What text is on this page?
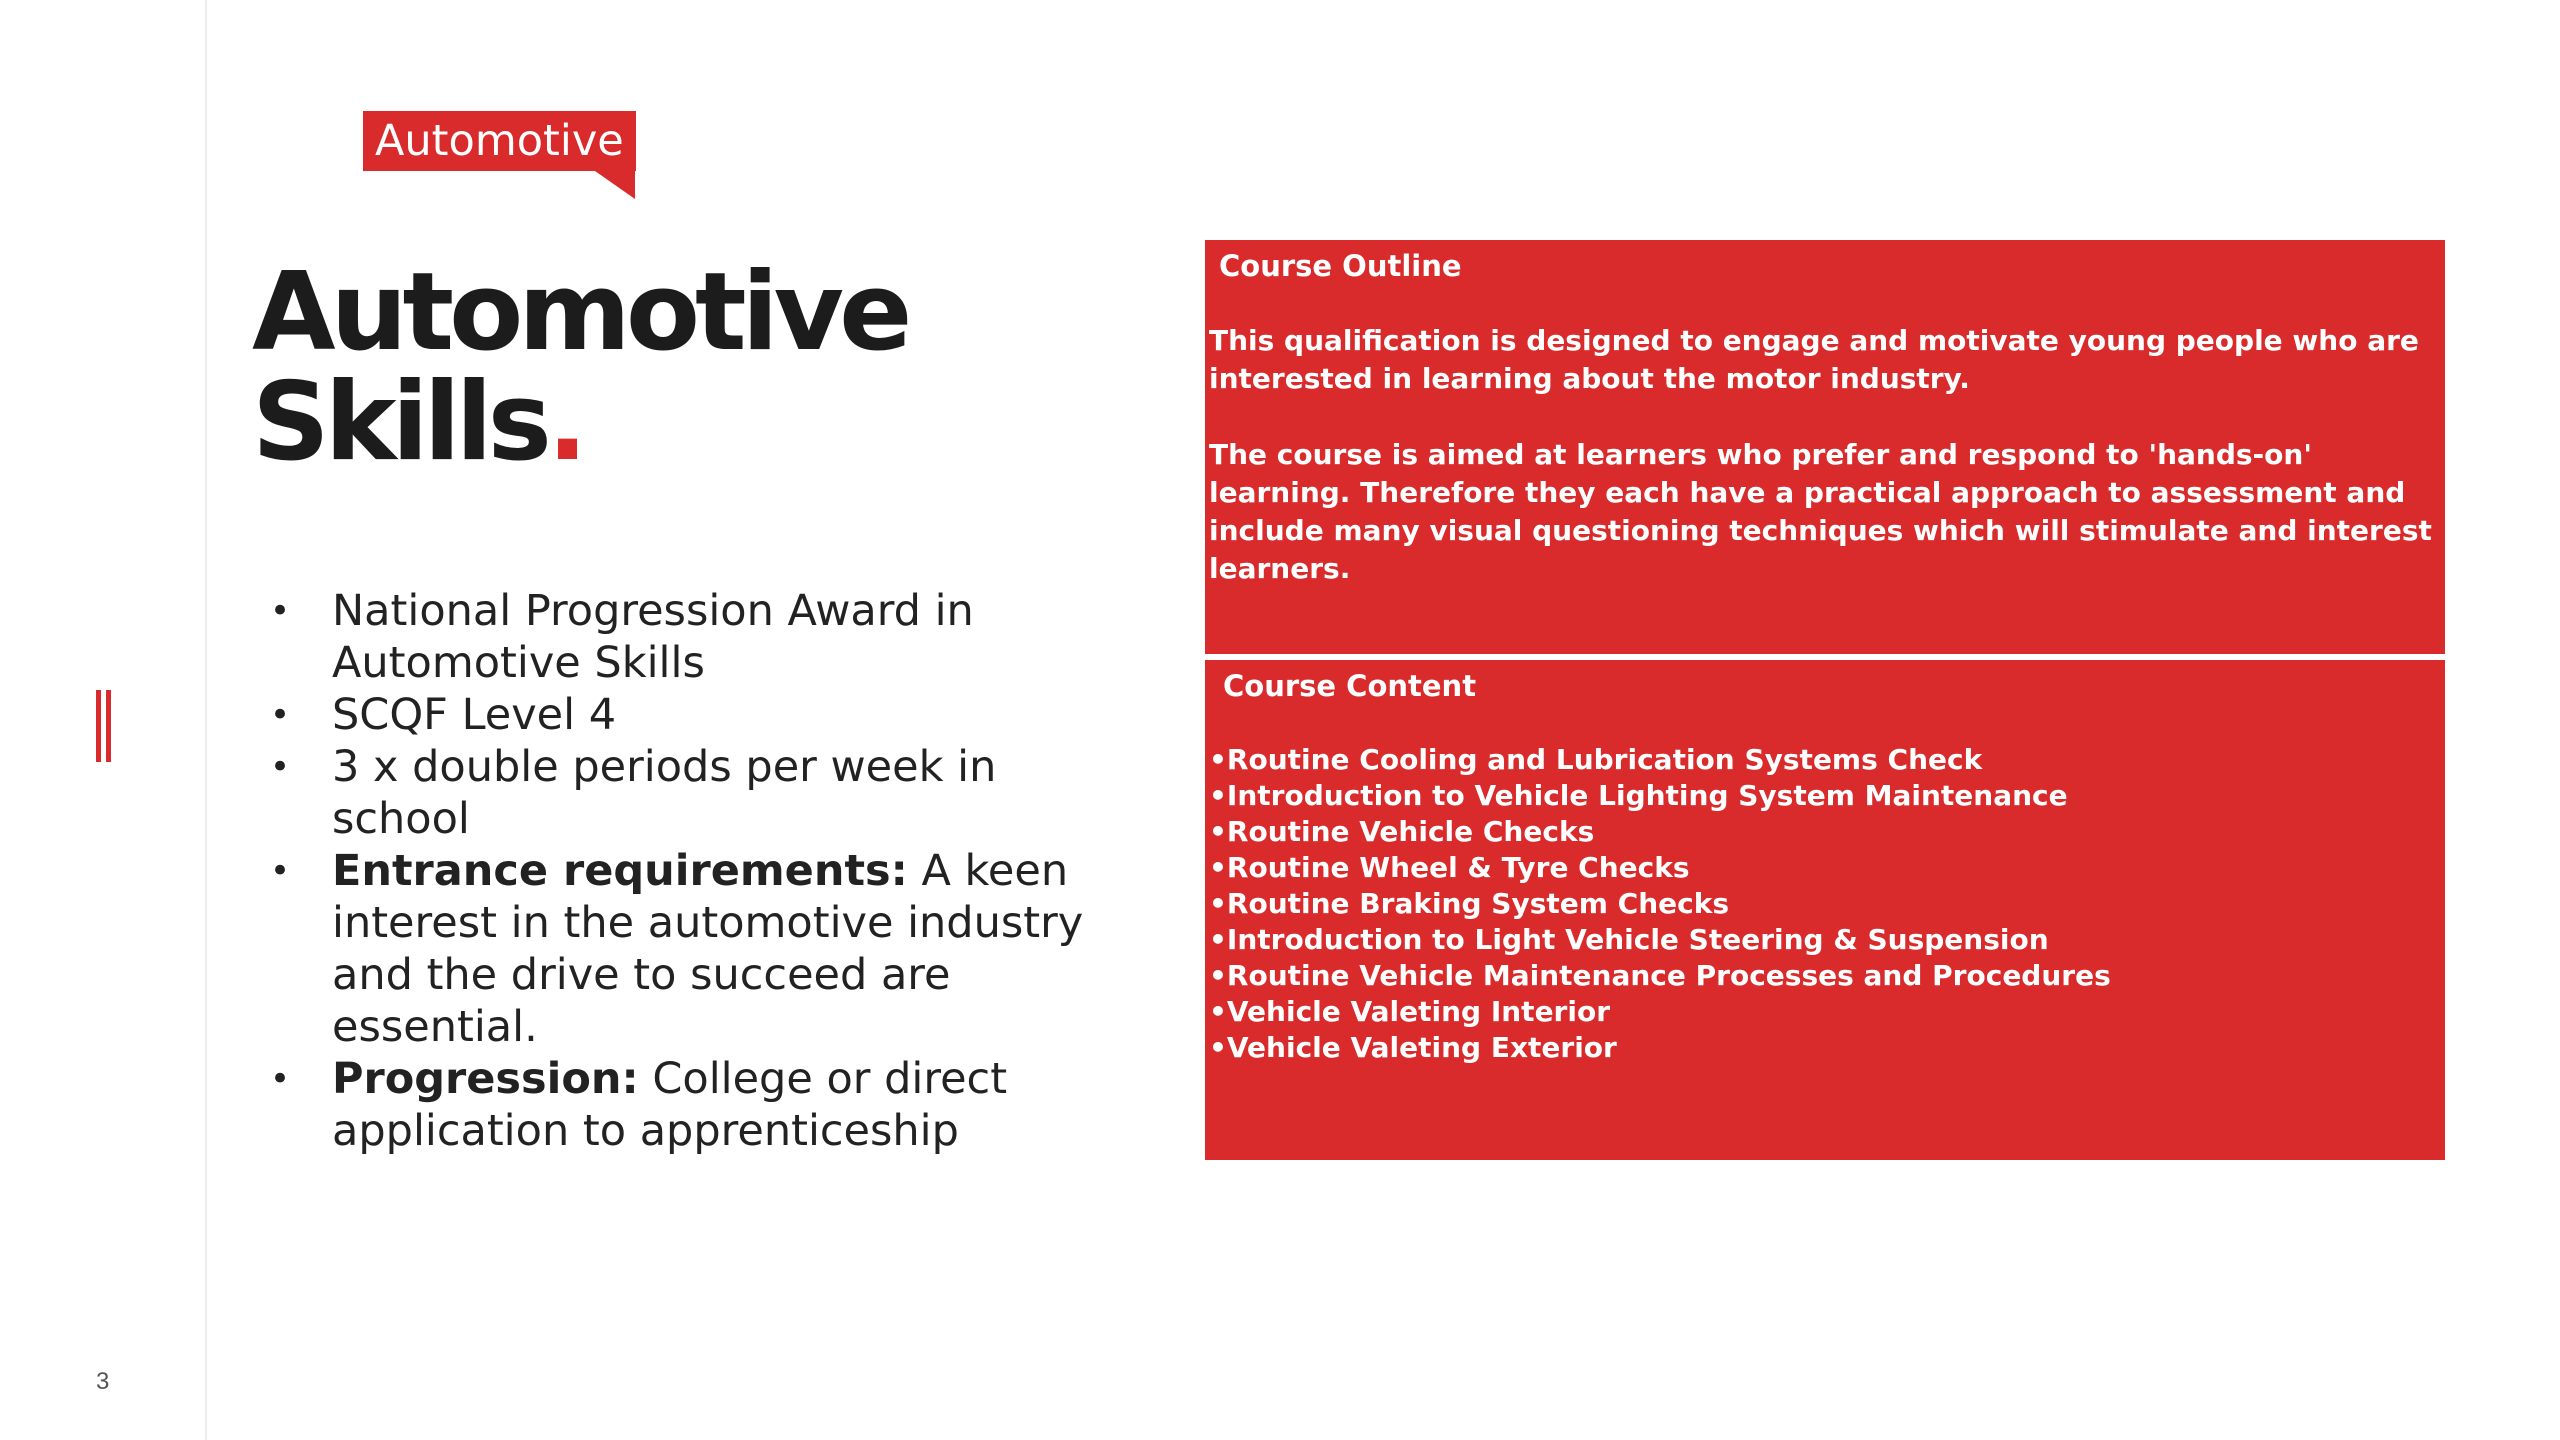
3
Automotive
Automotive
Skills.
• National Progression Award in Automotive Skills
• SCQF Level 4
• 3 x double periods per week in school
• Entrance requirements: A keen interest in the automotive industry and the drive to succeed are essential.
• Progression: College or direct application to apprenticeship
Course Outline

This qualification is designed to engage and motivate young people who are interested in learning about the motor industry.

The course is aimed at learners who prefer and respond to 'hands-on' learning. Therefore they each have a practical approach to assessment and include many visual questioning techniques which will stimulate and interest learners.

Course Content
• Routine Cooling and Lubrication Systems Check
• Introduction to Vehicle Lighting System Maintenance
• Routine Vehicle Checks
• Routine Wheel & Tyre Checks
• Routine Braking System Checks
• Introduction to Light Vehicle Steering & Suspension
• Routine Vehicle Maintenance Processes and Procedures
• Vehicle Valeting Interior
• Vehicle Valeting Exterior
